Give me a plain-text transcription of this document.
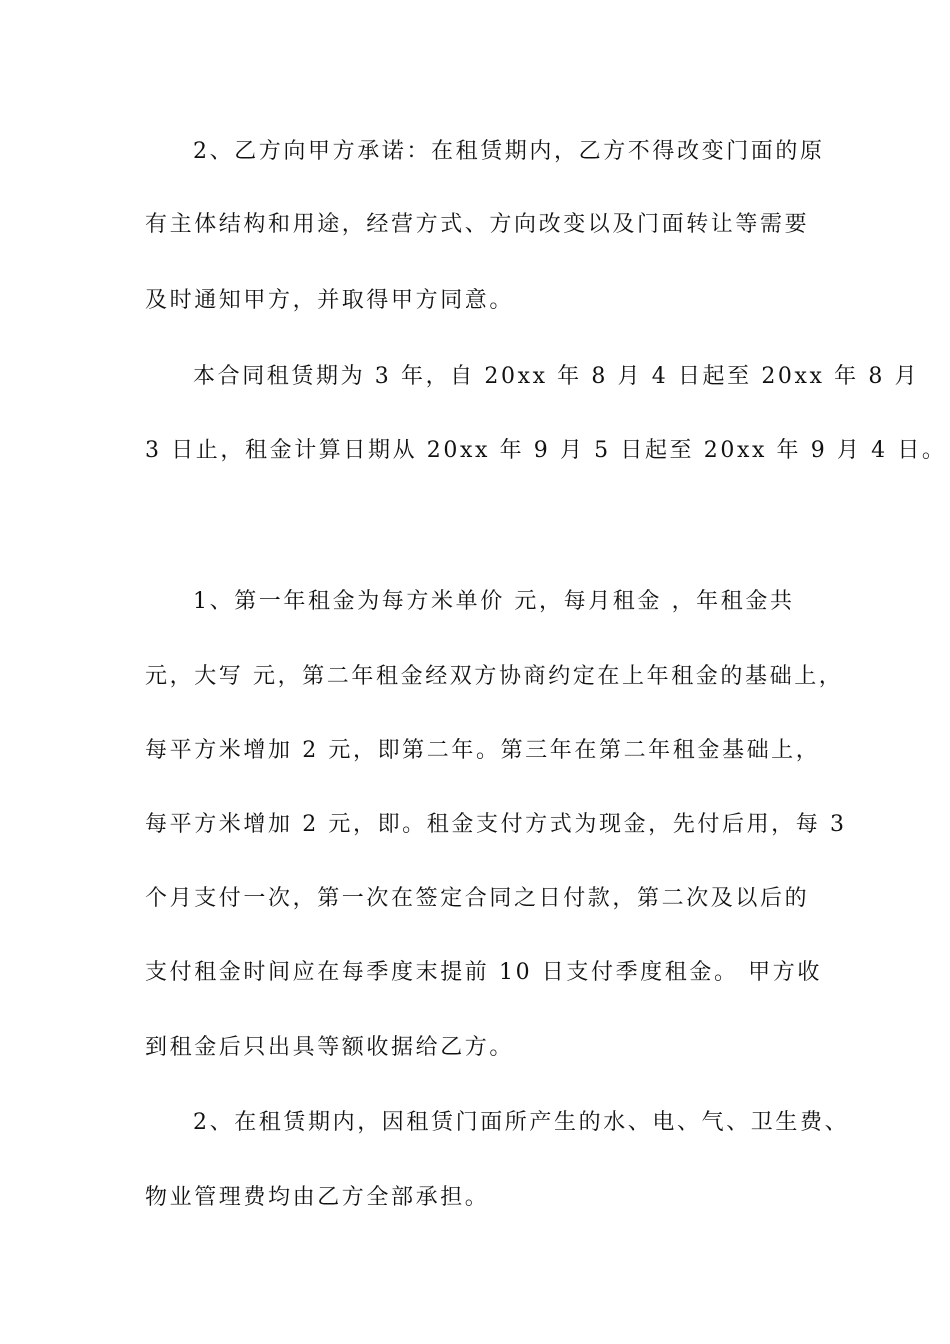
2、乙方向甲方承诺：在租赁期内，乙方不得改变门面的原
有主体结构和用途，经营方式、方向改变以及门面转让等需要
及时通知甲方，并取得甲方同意。
本合同租赁期为 3 年，自 20xx 年 8 月 4 日起至 20xx 年 8 月
3 日止，租金计算日期从 20xx 年 9 月 5 日起至 20xx 年 9 月 4 日。
1、第一年租金为每方米单价 元，每月租金 ，年租金共
元，大写 元，第二年租金经双方协商约定在上年租金的基础上，
每平方米增加 2 元，即第二年。第三年在第二年租金基础上，
每平方米增加 2 元，即。租金支付方式为现金，先付后用，每 3
个月支付一次，第一次在签定合同之日付款，第二次及以后的
支付租金时间应在每季度末提前 10 日支付季度租金。 甲方收
到租金后只出具等额收据给乙方。
2、在租赁期内，因租赁门面所产生的水、电、气、卫生费、
物业管理费均由乙方全部承担。
